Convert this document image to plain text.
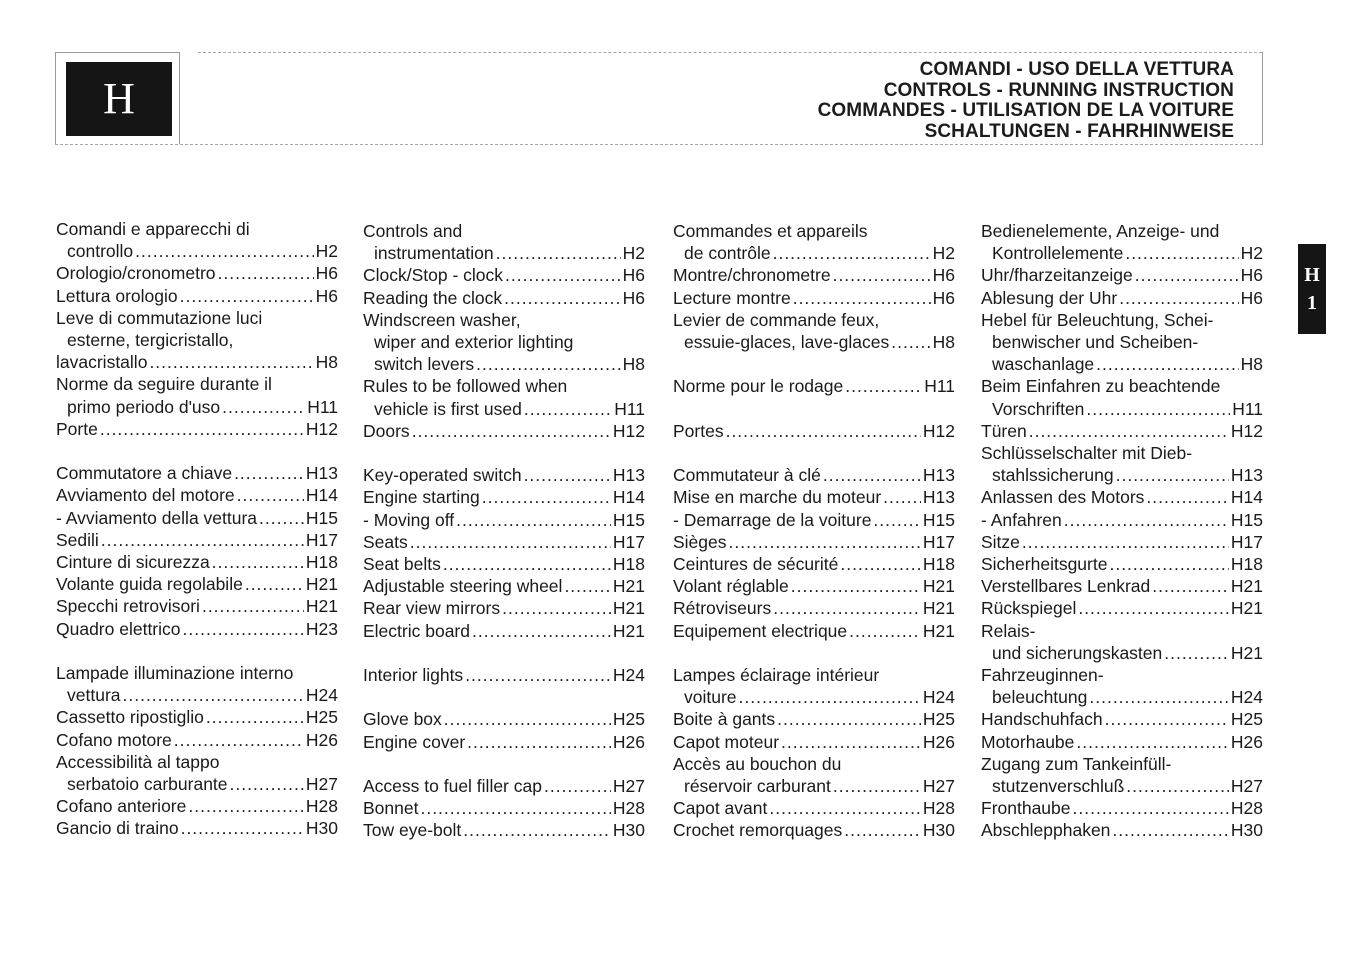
H
COMANDI - USO DELLA VETTURA
CONTROLS - RUNNING INSTRUCTION
COMMANDES - UTILISATION DE LA VOITURE
SCHALTUNGEN - FAHRHINWEISE
Comandi e apparecchi di
controllo .....	H2
Orologio/cronometro .....	H6
Lettura orologio .....	H6
Leve di commutazione luci
esterne, tergicristallo,
lavacristallo .....	H8
Norme da seguire durante il
primo periodo d'uso .....	H11
Porte .....	H12
Commutatore a chiave .....	H13
Avviamento del motore .....	H14
- Avviamento della vettura .....	H15
Sedili .....	H17
Cinture di sicurezza .....	H18
Volante guida regolabile .....	H21
Specchi retrovisori .....	H21
Quadro elettrico .....	H23
Lampade illuminazione interno
vettura .....	H24
Cassetto ripostiglio .....	H25
Cofano motore .....	H26
Accessibilità al tappo
serbatoio carburante .....	H27
Cofano anteriore .....	H28
Gancio di traino .....	H30
Controls and
instrumentation .....	H2
Clock/Stop - clock .....	H6
Reading the clock .....	H6
Windscreen washer,
wiper and exterior lighting
switch levers .....	H8
Rules to be followed when
vehicle is first used .....	H11
Doors .....	H12
Key-operated switch .....	H13
Engine starting .....	H14
- Moving off .....	H15
Seats .....	H17
Seat belts .....	H18
Adjustable steering wheel .....	H21
Rear view mirrors .....	H21
Electric board .....	H21
Interior lights .....	H24
Glove box .....	H25
Engine cover .....	H26
Access to fuel filler cap .....	H27
Bonnet .....	H28
Tow eye-bolt .....	H30
Commandes et appareils
de contrôle .....	H2
Montre/chronometre .....	H6
Lecture montre .....	H6
Levier de commande feux,
essuie-glaces, lave-glaces ..... H8
Norme pour le rodage .....	H11
Portes .....	H12
Commutateur à clé .....	H13
Mise en marche du moteur ..... H13
- Demarrage de la voiture .....	H15
Sièges .....	H17
Ceintures de sécurité .....	H18
Volant réglable .....	H21
Rétroviseurs .....	H21
Equipement electrique .....	H21
Lampes éclairage intérieur
voiture .....	H24
Boite à gants .....	H25
Capot moteur .....	H26
Accès au bouchon du
réservoir carburant .....	H27
Capot avant .....	H28
Crochet remorquages .....	H30
Bedienelemente, Anzeige- und
Kontrollelemente .....	H2
Uhr/fharzeitanzeige .....	H6
Ablesung der Uhr .....	H6
Hebel für Beleuchtung, Schei-
benwischer und Scheiben-
waschanlage .....	H8
Beim Einfahren zu beachtende
Vorschriften .....	H11
Türen .....	H12
Schlüsselschalter mit Dieb-
stahlssicherung .....	H13
Anlassen des Motors .....	H14
- Anfahren .....	H15
Sitze .....	H17
Sicherheitsgurte .....	H18
Verstellbares Lenkrad .....	H21
Rückspiegel .....	H21
Relais-
und sicherungskasten .....	H21
Fahrzeuginnen-
beleuchtung .....	H24
Handschuhfach .....	H25
Motorhaube .....	H26
Zugang zum Tankeinfüll-
stutzenverschluß .....	H27
Fronthaube .....	H28
Abschlepphaken .....	H30
H
1
